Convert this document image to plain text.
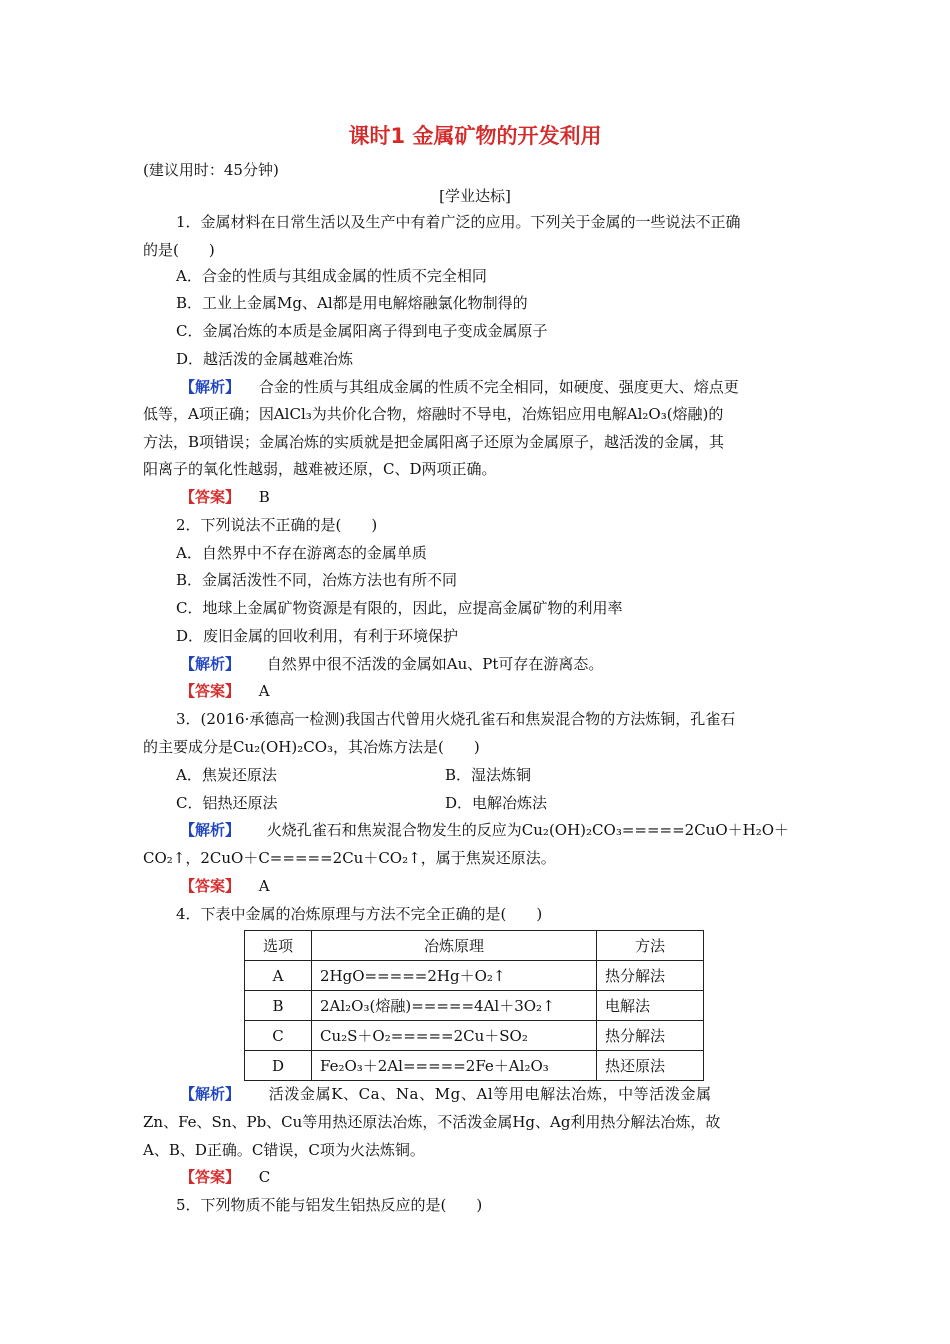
课时1 金属矿物的开发利用
(建议用时：45分钟)
[学业达标]
1．金属材料在日常生活以及生产中有着广泛的应用。下列关于金属的一些说法不正确
的是(　　)
A．合金的性质与其组成金属的性质不完全相同
B．工业上金属Mg、Al都是用电解熔融氯化物制得的
C．金属冶炼的本质是金属阳离子得到电子变成金属原子
D．越活泼的金属越难冶炼
【解析】 合金的性质与其组成金属的性质不完全相同，如硬度、强度更大、熔点更
低等，A项正确；因AlCl₃为共价化合物，熔融时不导电，冶炼铝应用电解Al₂O₃(熔融)的
方法，B项错误；金属冶炼的实质就是把金属阳离子还原为金属原子，越活泼的金属，其
阳离子的氧化性越弱，越难被还原，C、D两项正确。
【答案】 B
2．下列说法不正确的是(　　)
A．自然界中不存在游离态的金属单质
B．金属活泼性不同，冶炼方法也有所不同
C．地球上金属矿物资源是有限的，因此，应提高金属矿物的利用率
D．废旧金属的回收利用，有利于环境保护
【解析】 自然界中很不活泼的金属如Au、Pt可存在游离态。
【答案】 A
3．(2016·承德高一检测)我国古代曾用火烧孔雀石和焦炭混合物的方法炼铜，孔雀石
的主要成分是Cu₂(OH)₂CO₃，其冶炼方法是(　　)
A．焦炭还原法	B．湿法炼铜
C．铝热还原法	D．电解冶炼法
【解析】 火烧孔雀石和焦炭混合物发生的反应为Cu₂(OH)₂CO₃=====2CuO＋H₂O＋
CO₂↑，2CuO＋C=====2Cu＋CO₂↑，属于焦炭还原法。
【答案】 A
4．下表中金属的冶炼原理与方法不完全正确的是(　　)
选项	冶炼原理	方法
A	2HgO=====2Hg＋O₂↑	热分解法
B	2Al₂O₃(熔融)=====4Al＋3O₂↑	电解法
C	Cu₂S＋O₂=====2Cu＋SO₂	热分解法
D	Fe₂O₃＋2Al=====2Fe＋Al₂O₃	热还原法
【解析】 活泼金属K、Ca、Na、Mg、Al等用电解法冶炼，中等活泼金属
Zn、Fe、Sn、Pb、Cu等用热还原法冶炼，不活泼金属Hg、Ag利用热分解法冶炼，故
A、B、D正确。C错误，C项为火法炼铜。
【答案】 C
5．下列物质不能与铝发生铝热反应的是(　　)
